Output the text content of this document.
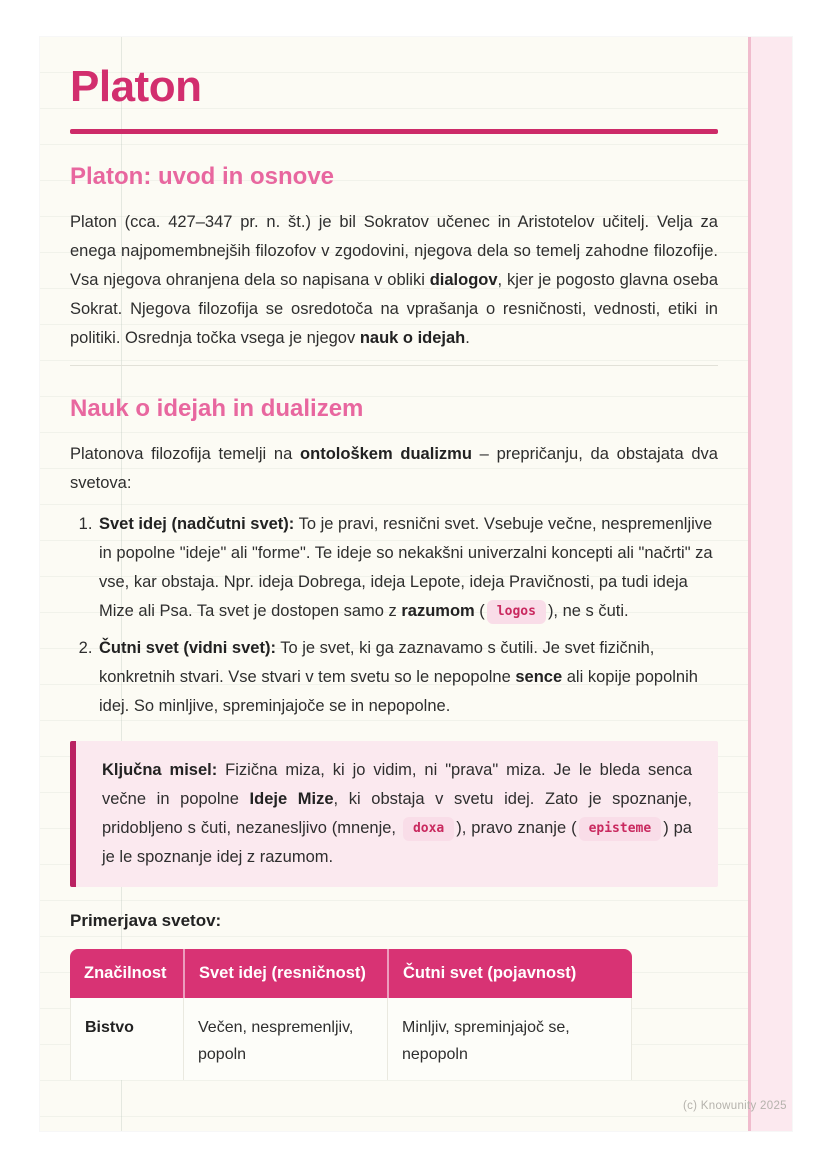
Platon
Platon: uvod in osnove

Platon (cca. 427–347 pr. n. št.) je bil Sokratov učenec in Aristotelov učitelj. Velja za enega najpomembnejših filozofov v zgodovini, njegova dela so temelj zahodne filozofije. Vsa njegova ohranjena dela so napisana v obliki dialogov, kjer je pogosto glavna oseba Sokrat. Njegova filozofija se osredotoča na vprašanja o resničnosti, vednosti, etiki in politiki. Osrednja točka vsega je njegov nauk o idejah.

Nauk o idejah in dualizem

Platonova filozofija temelji na ontološkem dualizmu – prepričanju, da obstajata dva svetova:

1. Svet idej (nadčutni svet): To je pravi, resnični svet. Vsebuje večne, nespremenljive in popolne "ideje" ali "forme". Te ideje so nekakšni univerzalni koncepti ali "načrti" za vse, kar obstaja. Npr. ideja Dobrega, ideja Lepote, ideja Pravičnosti, pa tudi ideja Mize ali Psa. Ta svet je dostopen samo z razumom ( logos ), ne s čuti.
2. Čutni svet (vidni svet): To je svet, ki ga zaznavamo s čutili. Je svet fizičnih, konkretnih stvari. Vse stvari v tem svetu so le nepopolne sence ali kopije popolnih idej. So minljive, spreminjajoče se in nepopolne.
Ključna misel: Fizična miza, ki jo vidim, ni "prava" miza. Je le bleda senca večne in popolne Ideje Mize, ki obstaja v svetu idej. Zato je spoznanje, pridobljeno s čuti, nezanesljivo (mnenje, doxa ), pravo znanje ( episteme ) pa je le spoznanje idej z razumom.

Primerjava svetov:

Značilnost	Svet idej (resničnost)	Čutni svet (pojavnost)
Bistvo	Večen, nespremenljiv, popoln	Minljiv, spreminjajoč se, nepopoln
(c) Knowunity 2025
